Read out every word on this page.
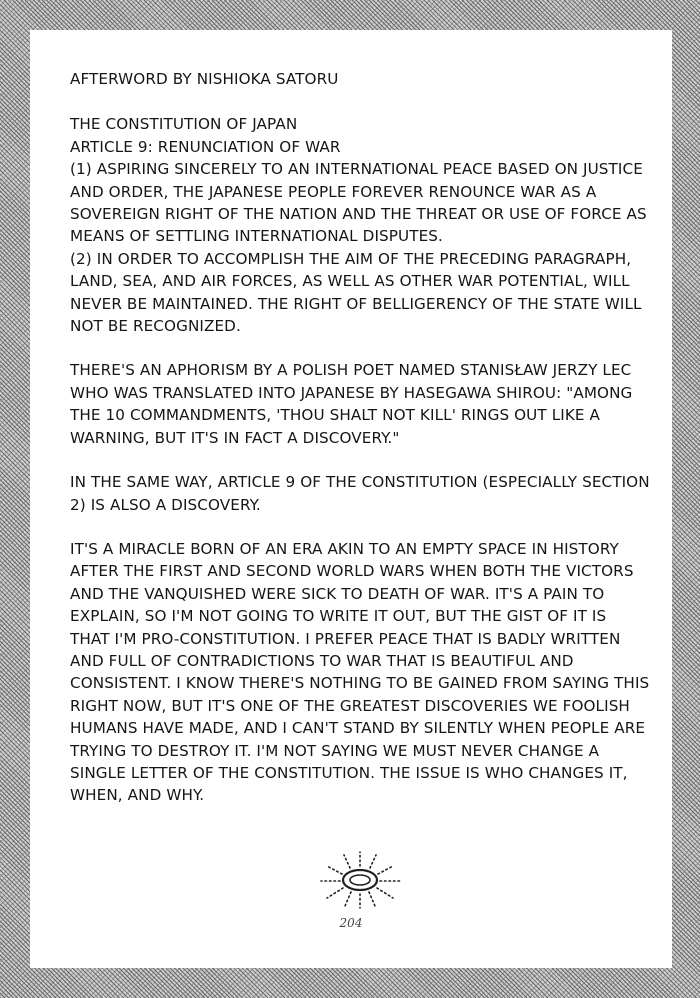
AFTERWORD BY NISHIOKA SATORU
THE CONSTITUTION OF JAPAN
ARTICLE 9: RENUNCIATION OF WAR
(1) ASPIRING SINCERELY TO AN INTERNATIONAL PEACE BASED ON JUSTICE AND ORDER, THE JAPANESE PEOPLE FOREVER RENOUNCE WAR AS A SOVEREIGN RIGHT OF THE NATION AND THE THREAT OR USE OF FORCE AS MEANS OF SETTLING INTERNATIONAL DISPUTES.
(2) IN ORDER TO ACCOMPLISH THE AIM OF THE PRECEDING PARAGRAPH, LAND, SEA, AND AIR FORCES, AS WELL AS OTHER WAR POTENTIAL, WILL NEVER BE MAINTAINED. THE RIGHT OF BELLIGERENCY OF THE STATE WILL NOT BE RECOGNIZED.
THERE'S AN APHORISM BY A POLISH POET NAMED STANISŁAW JERZY LEC WHO WAS TRANSLATED INTO JAPANESE BY HASEGAWA SHIROU: "AMONG THE 10 COMMANDMENTS, 'THOU SHALT NOT KILL' RINGS OUT LIKE A WARNING, BUT IT'S IN FACT A DISCOVERY."
IN THE SAME WAY, ARTICLE 9 OF THE CONSTITUTION (ESPECIALLY SECTION 2) IS ALSO A DISCOVERY.
IT'S A MIRACLE BORN OF AN ERA AKIN TO AN EMPTY SPACE IN HISTORY AFTER THE FIRST AND SECOND WORLD WARS WHEN BOTH THE VICTORS AND THE VANQUISHED WERE SICK TO DEATH OF WAR. IT'S A PAIN TO EXPLAIN, SO I'M NOT GOING TO WRITE IT OUT, BUT THE GIST OF IT IS THAT I'M PRO-CONSTITUTION. I PREFER PEACE THAT IS BADLY WRITTEN AND FULL OF CONTRADICTIONS TO WAR THAT IS BEAUTIFUL AND CONSISTENT. I KNOW THERE'S NOTHING TO BE GAINED FROM SAYING THIS RIGHT NOW, BUT IT'S ONE OF THE GREATEST DISCOVERIES WE FOOLISH HUMANS HAVE MADE, AND I CAN'T STAND BY SILENTLY WHEN PEOPLE ARE TRYING TO DESTROY IT. I'M NOT SAYING WE MUST NEVER CHANGE A SINGLE LETTER OF THE CONSTITUTION. THE ISSUE IS WHO CHANGES IT, WHEN, AND WHY.
204
